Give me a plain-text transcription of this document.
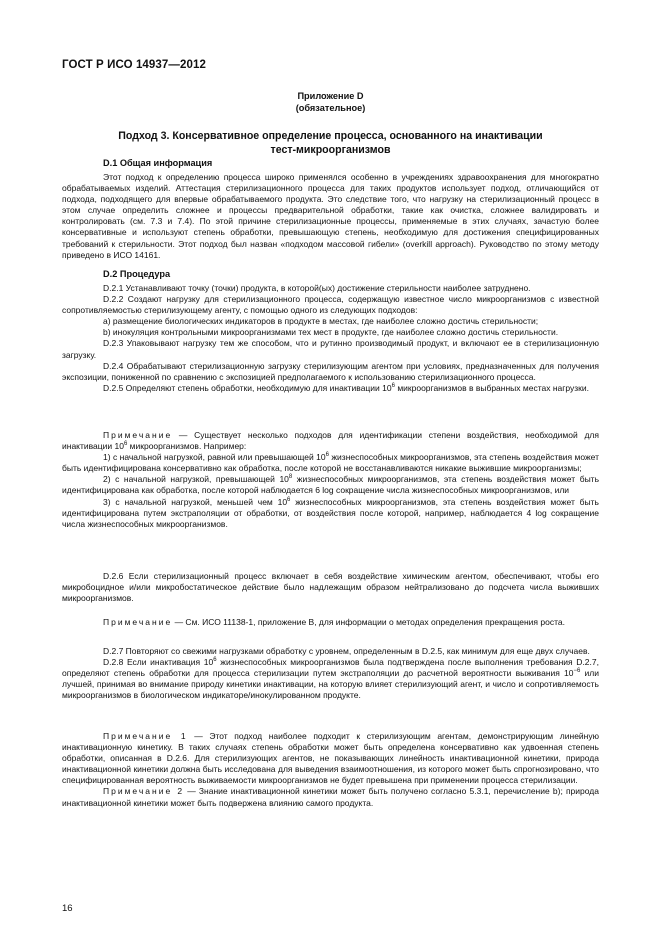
ГОСТ Р ИСО 14937—2012
Приложение D
(обязательное)
Подход 3. Консервативное определение процесса, основанного на инактивации
тест-микроорганизмов
D.1 Общая информация

Этот подход к определению процесса широко применялся особенно в учреждениях здравоохранения для многократно обрабатываемых изделий. Аттестация стерилизационного процесса для таких продуктов использует подход, отличающийся от подхода, подходящего для впервые обрабатываемого продукта. Это следствие того, что нагрузку на стерилизационный процесс в этом случае определить сложнее и процессы предварительной обработки, такие как очистка, сложнее валидировать и контролировать (см. 7.3 и 7.4). По этой причине стерилизационные процессы, применяемые в этих случаях, зачастую более консервативные и используют степень обработки, превышающую степень, необходимую для достижения специфицированных требований к стерильности. Этот подход был назван «подходом массовой гибели» (overkill approach). Руководство по этому методу приведено в ИСО 14161.

D.2 Процедура

D.2.1 Устанавливают точку (точки) продукта, в которой(ых) достижение стерильности наиболее затруднено.

D.2.2 Создают нагрузку для стерилизационного процесса, содержащую известное число микроорганизмов с известной сопротивляемостью стерилизующему агенту, с помощью одного из следующих подходов:

a) размещение биологических индикаторов в продукте в местах, где наиболее сложно достичь стерильности;

b) инокуляция контрольными микроорганизмами тех мест в продукте, где наиболее сложно достичь стерильности.

D.2.3 Упаковывают нагрузку тем же способом, что и рутинно производимый продукт, и включают ее в стерилизационную загрузку.

D.2.4 Обрабатывают стерилизационную загрузку стерилизующим агентом при условиях, предназначенных для получения экспозиции, пониженной по сравнению с экспозицией предполагаемого к использованию стерилизационного процесса.

D.2.5 Определяют степень обработки, необходимую для инактивации $10^6$ микроорганизмов в выбранных местах нагрузки.

Примечание — Существует несколько подходов для идентификации степени воздействия, необходимой для инактивации $10^6$ микроорганизмов. Например:

1) с начальной нагрузкой, равной или превышающей $10^6$ жизнеспособных микроорганизмов, эта степень воздействия может быть идентифицирована консервативно как обработка, после которой не восстанавливаются никакие выжившие микроорганизмы;

2) с начальной нагрузкой, превышающей $10^8$ жизнеспособных микроорганизмов, эта степень воздействия может быть идентифицирована как обработка, после которой наблюдается 6 log сокращение числа жизнеспособных микроорганизмов, или

3) с начальной нагрузкой, меньшей чем $10^6$ жизнеспособных микроорганизмов, эта степень воздействия может быть идентифицирована путем экстраполяции от обработки, от воздействия после которой, например, наблюдается 4 log сокращение числа жизнеспособных микроорганизмов.

D.2.6 Если стерилизационный процесс включает в себя воздействие химическим агентом, обеспечивают, чтобы его микробоцидное и/или микробостатическое действие было надлежащим образом нейтрализовано до подсчета числа выживших микроорганизмов.

Примечание — См. ИСО 11138-1, приложение B, для информации о методах определения прекращения роста.

D.2.7 Повторяют со свежими нагрузками обработку с уровнем, определенным в D.2.5, как минимум для еще двух случаев.

D.2.8 Если инактивация $10^6$ жизнеспособных микроорганизмов была подтверждена после выполнения требования D.2.7, определяют степень обработки для процесса стерилизации путем экстраполяции до расчетной вероятности выживания $10^{-6}$ или лучшей, принимая во внимание природу кинетики инактивации, на которую влияет стерилизующий агент, и число и сопротивляемость микроорганизмов в биологическом индикаторе/инокулированном продукте.

Примечание 1 — Этот подход наиболее подходит к стерилизующим агентам, демонстрирующим линейную инактивационную кинетику. В таких случаях степень обработки может быть определена консервативно как удвоенная степень обработки, описанная в D.2.6. Для стерилизующих агентов, не показывающих линейность инактивационной кинетики, природа инактивационной кинетики должна быть исследована для выведения взаимоотношения, из которого может быть спрогнозировано, что специфицированная вероятность выживаемости микроорганизмов не будет превышена при применении процесса стерилизации.

Примечание 2 — Знание инактивационной кинетики может быть получено согласно 5.3.1, перечисление b); природа инактивационной кинетики может быть подвержена влиянию самого продукта.

16
